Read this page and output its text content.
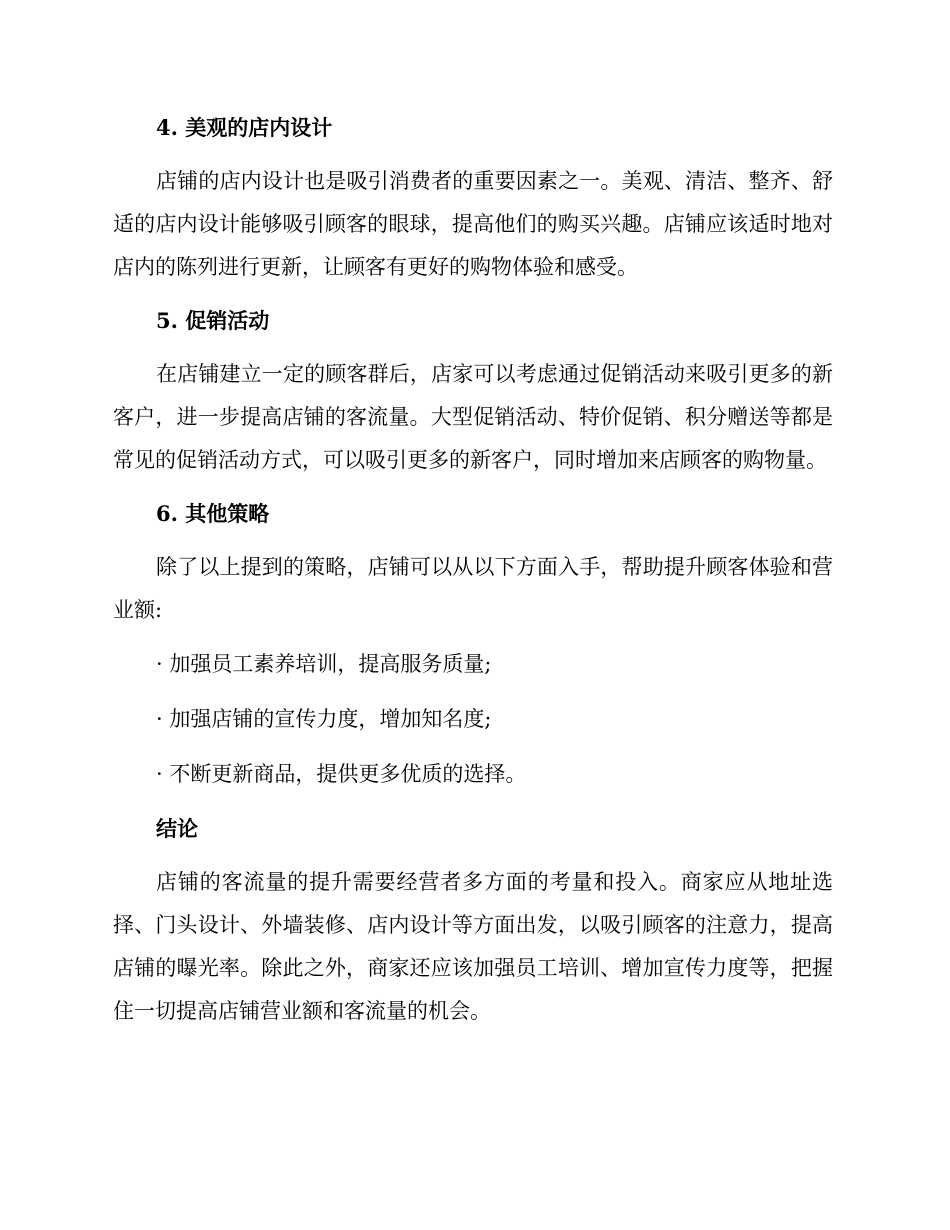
4. 美观的店内设计
店铺的店内设计也是吸引消费者的重要因素之一。美观、清洁、整齐、舒适的店内设计能够吸引顾客的眼球，提高他们的购买兴趣。店铺应该适时地对店内的陈列进行更新，让顾客有更好的购物体验和感受。
5. 促销活动
在店铺建立一定的顾客群后，店家可以考虑通过促销活动来吸引更多的新客户，进一步提高店铺的客流量。大型促销活动、特价促销、积分赠送等都是常见的促销活动方式，可以吸引更多的新客户，同时增加来店顾客的购物量。
6. 其他策略
除了以上提到的策略，店铺可以从以下方面入手，帮助提升顾客体验和营业额:
· 加强员工素养培训，提高服务质量;
· 加强店铺的宣传力度，增加知名度;
· 不断更新商品，提供更多优质的选择。
结论
店铺的客流量的提升需要经营者多方面的考量和投入。商家应从地址选择、门头设计、外墙装修、店内设计等方面出发，以吸引顾客的注意力，提高店铺的曝光率。除此之外，商家还应该加强员工培训、增加宣传力度等，把握住一切提高店铺营业额和客流量的机会。
